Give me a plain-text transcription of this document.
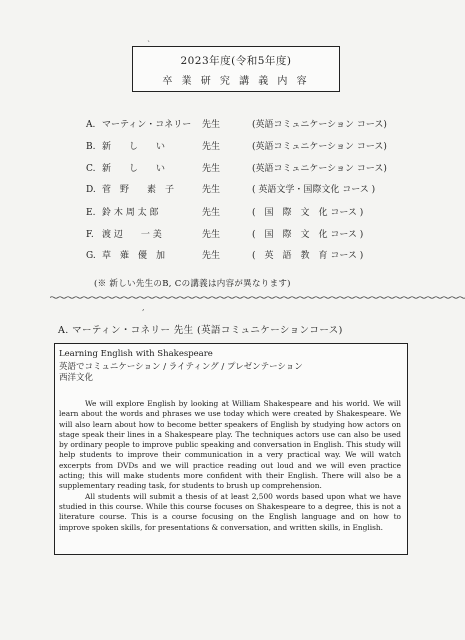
2023年度(令和5年度)
卒 業 研 究 講 義 内 容
`
A. マーティン・コネリー 先生	(英語コミュニケーション コース)
B. 新　　し　　い	先生	(英語コミュニケーション コース)
C. 新　　し　　い	先生	(英語コミュニケーション コース)
D. 菅　野　　素　子	先生	( 英語文学・国際文化 コース )
E. 鈴 木 周 太 郎	先生	(　国　際　文　化 コース )
F. 渡 辺　　一 美	先生	(　国　際　文　化 コース )
G. 草　薙　優　加	先生	(　英　語　教　育 コース )
(※ 新しい先生のB, Cの講義は内容が異なります)
,
A. マーティン・コネリー 先生 (英語コミュニケーションコース)
Learning English with Shakespeare
英語でコミュニケーション / ライティング / プレゼンテーション
西洋文化

We will explore English by looking at William Shakespeare and his world. We will learn about the words and phrases we use today which were created by Shakespeare. We will also learn about how to become better speakers of English by studying how actors on stage speak their lines in a Shakespeare play. The techniques actors use can also be used by ordinary people to improve public speaking and conversation in English. This study will help students to improve their communication in a very practical way. We will watch excerpts from DVDs and we will practice reading out loud and we will even practice acting; this will make students more confident with their English. There will also be a supplementary reading task, for students to brush up comprehension.

All students will submit a thesis of at least 2,500 words based upon what we have studied in this course. While this course focuses on Shakespeare to a degree, this is not a literature course. This is a course focusing on the English language and on how to improve spoken skills, for presentations & conversation, and written skills, in English.
